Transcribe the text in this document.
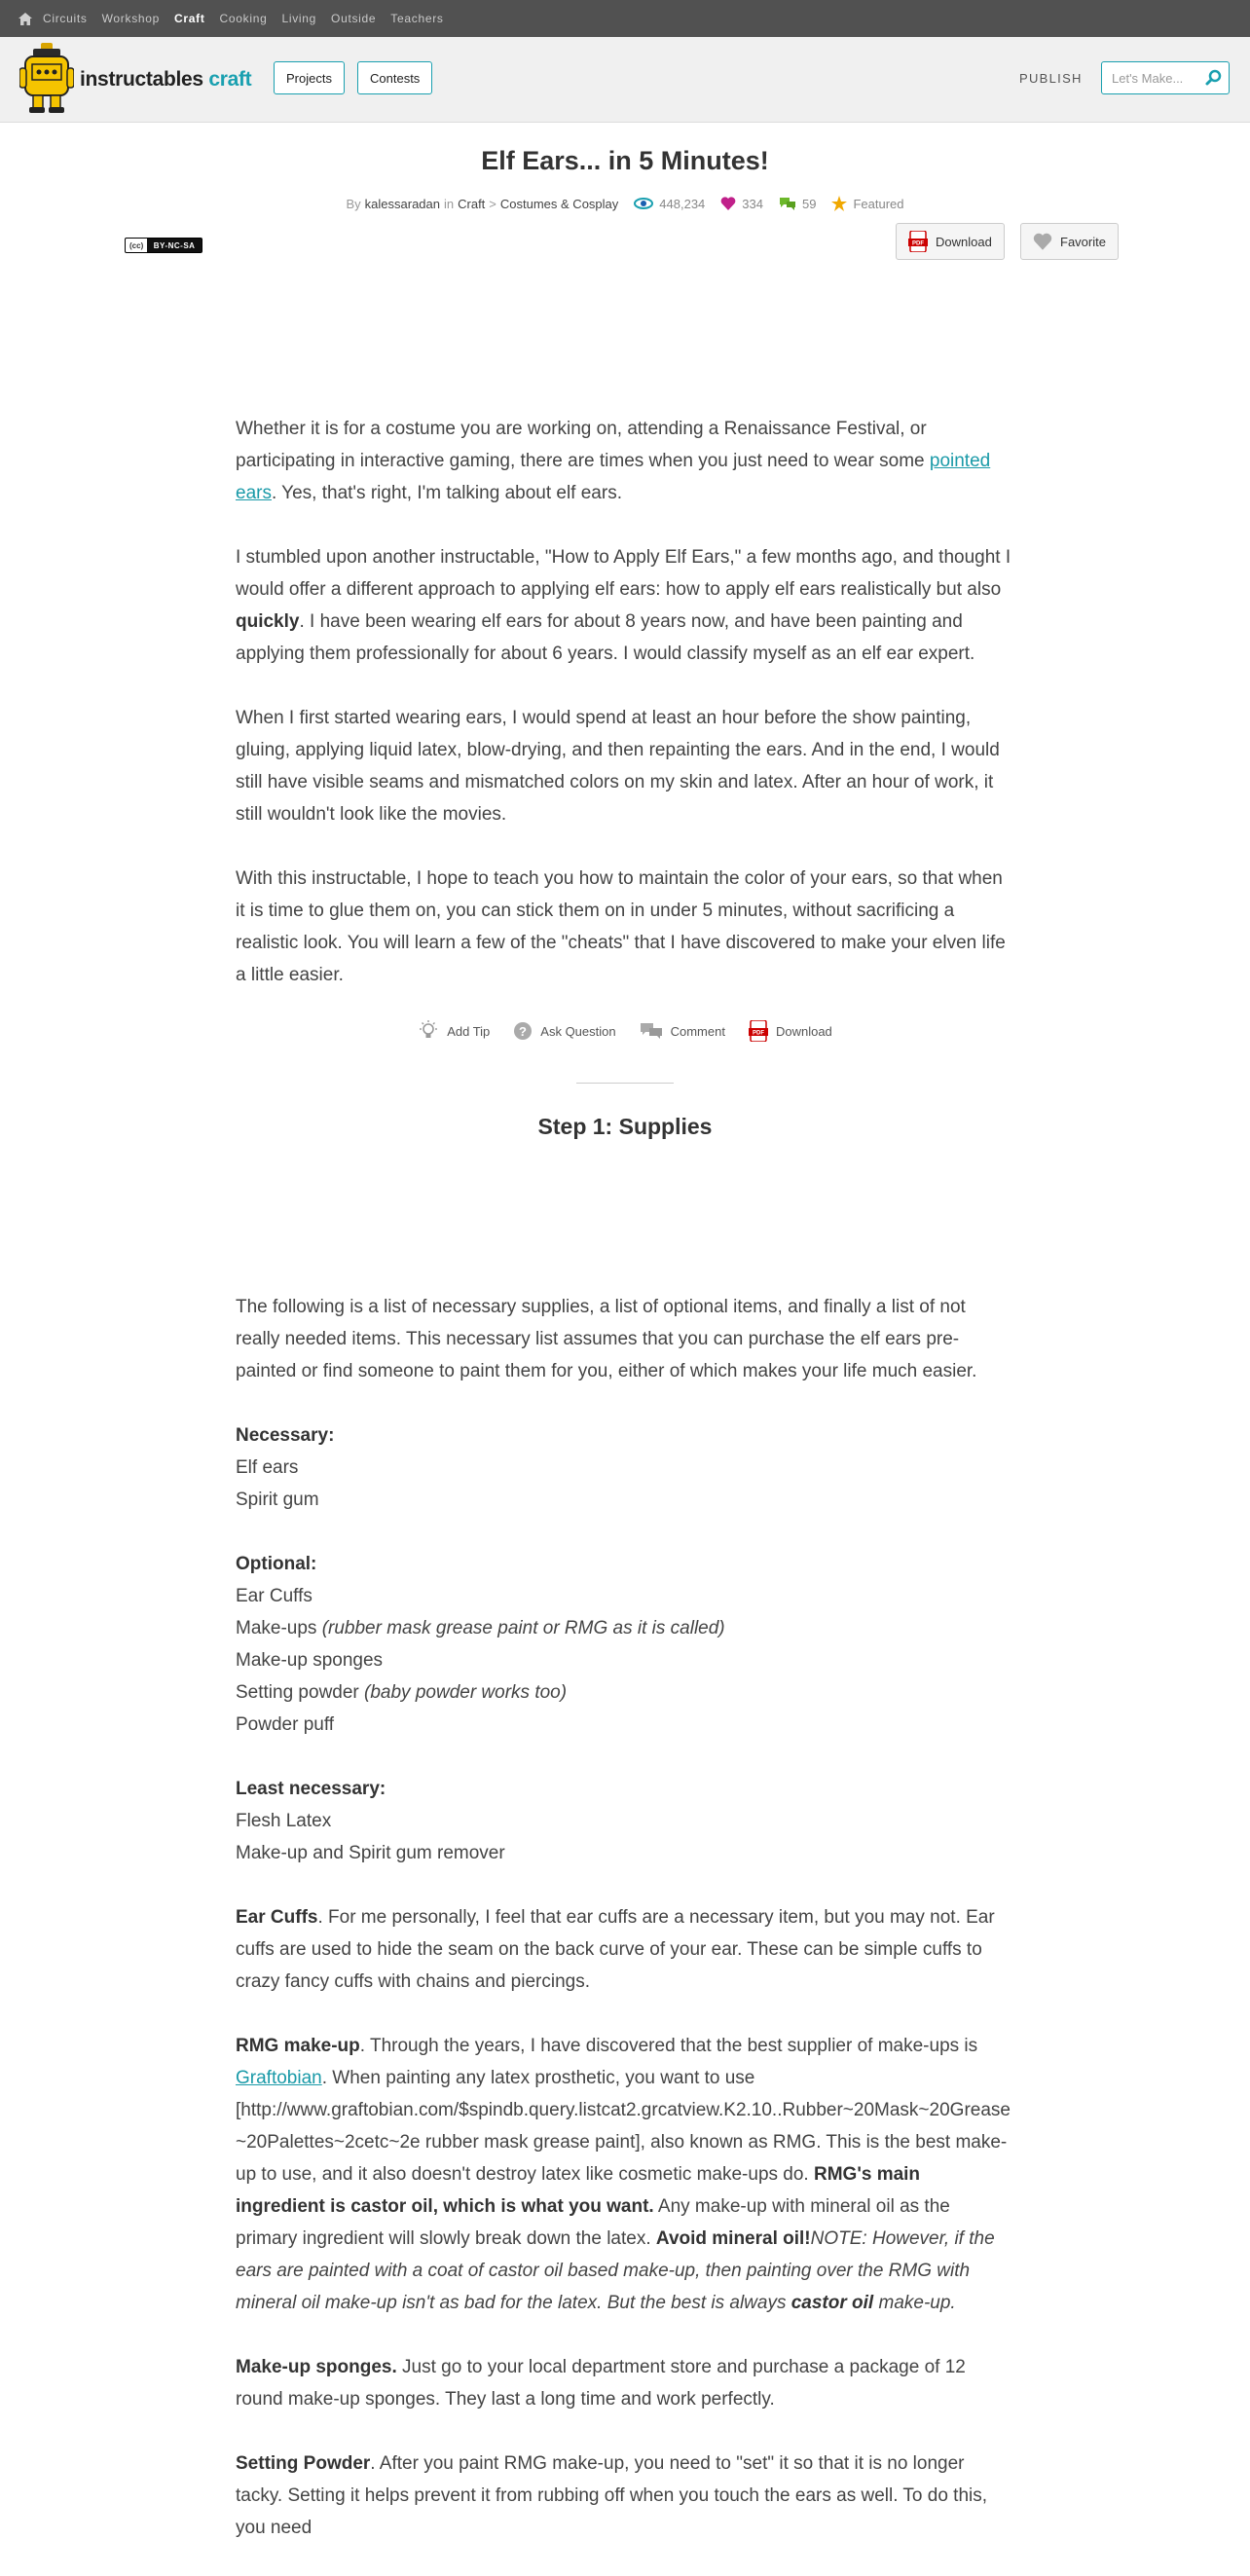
Circuits Workshop Craft Cooking Living Outside Teachers
instructables craft	Projects	Contests	PUBLISH Let's Make...
Elf Ears... in 5 Minutes!
By kalessaradan in Craft > Costumes & Cosplay	448,234	334	59	Featured
(cc)	BY-NC-SA	PDF Download	Favorite

Whether it is for a costume you are working on, attending a Renaissance Festival, or participating in interactive gaming, there are times when you just need to wear some pointed ears. Yes, that's right, I'm talking about elf ears.

I stumbled upon another instructable, "How to Apply Elf Ears," a few months ago, and thought I would offer a different approach to applying elf ears: how to apply elf ears realistically but also quickly. I have been wearing elf ears for about 8 years now, and have been painting and applying them professionally for about 6 years. I would classify myself as an elf ear expert.

When I first started wearing ears, I would spend at least an hour before the show painting, gluing, applying liquid latex, blow-drying, and then repainting the ears. And in the end, I would still have visible seams and mismatched colors on my skin and latex. After an hour of work, it still wouldn't look like the movies.

With this instructable, I hope to teach you how to maintain the color of your ears, so that when it is time to glue them on, you can stick them on in under 5 minutes, without sacrificing a realistic look. You will learn a few of the "cheats" that I have discovered to make your elven life a little easier.

Add Tip ? Ask Question	Comment	PDF Download
Step 1: Supplies

The following is a list of necessary supplies, a list of optional items, and finally a list of not really needed items. This necessary list assumes that you can purchase the elf ears pre-painted or find someone to paint them for you, either of which makes your life much easier.

Necessary:
Elf ears
Spirit gum

Optional:
Ear Cuffs
Make-ups (rubber mask grease paint or RMG as it is called)
Make-up sponges
Setting powder (baby powder works too)
Powder puff

Least necessary:
Flesh Latex
Make-up and Spirit gum remover

Ear Cuffs. For me personally, I feel that ear cuffs are a necessary item, but you may not. Ear cuffs are used to hide the seam on the back curve of your ear. These can be simple cuffs to crazy fancy cuffs with chains and piercings.

RMG make-up. Through the years, I have discovered that the best supplier of make-ups is Graftobian. When painting any latex prosthetic, you want to use [http://www.graftobian.com/$spindb.query.listcat2.grcatview.K2.10..Rubber~20Mask~20Grease~20Palettes~2cetc~2e rubber mask grease paint], also known as RMG. This is the best make-up to use, and it also doesn't destroy latex like cosmetic make-ups do. RMG's main ingredient is castor oil, which is what you want. Any make-up with mineral oil as the primary ingredient will slowly break down the latex. Avoid mineral oil!NOTE: However, if the ears are painted with a coat of castor oil based make-up, then painting over the RMG with mineral oil make-up isn't as bad for the latex. But the best is always castor oil make-up.

Make-up sponges. Just go to your local department store and purchase a package of 12 round make-up sponges. They last a long time and work perfectly.

Setting Powder. After you paint RMG make-up, you need to "set" it so that it is no longer tacky. Setting it helps prevent it from rubbing off when you touch the ears as well. To do this, you need
